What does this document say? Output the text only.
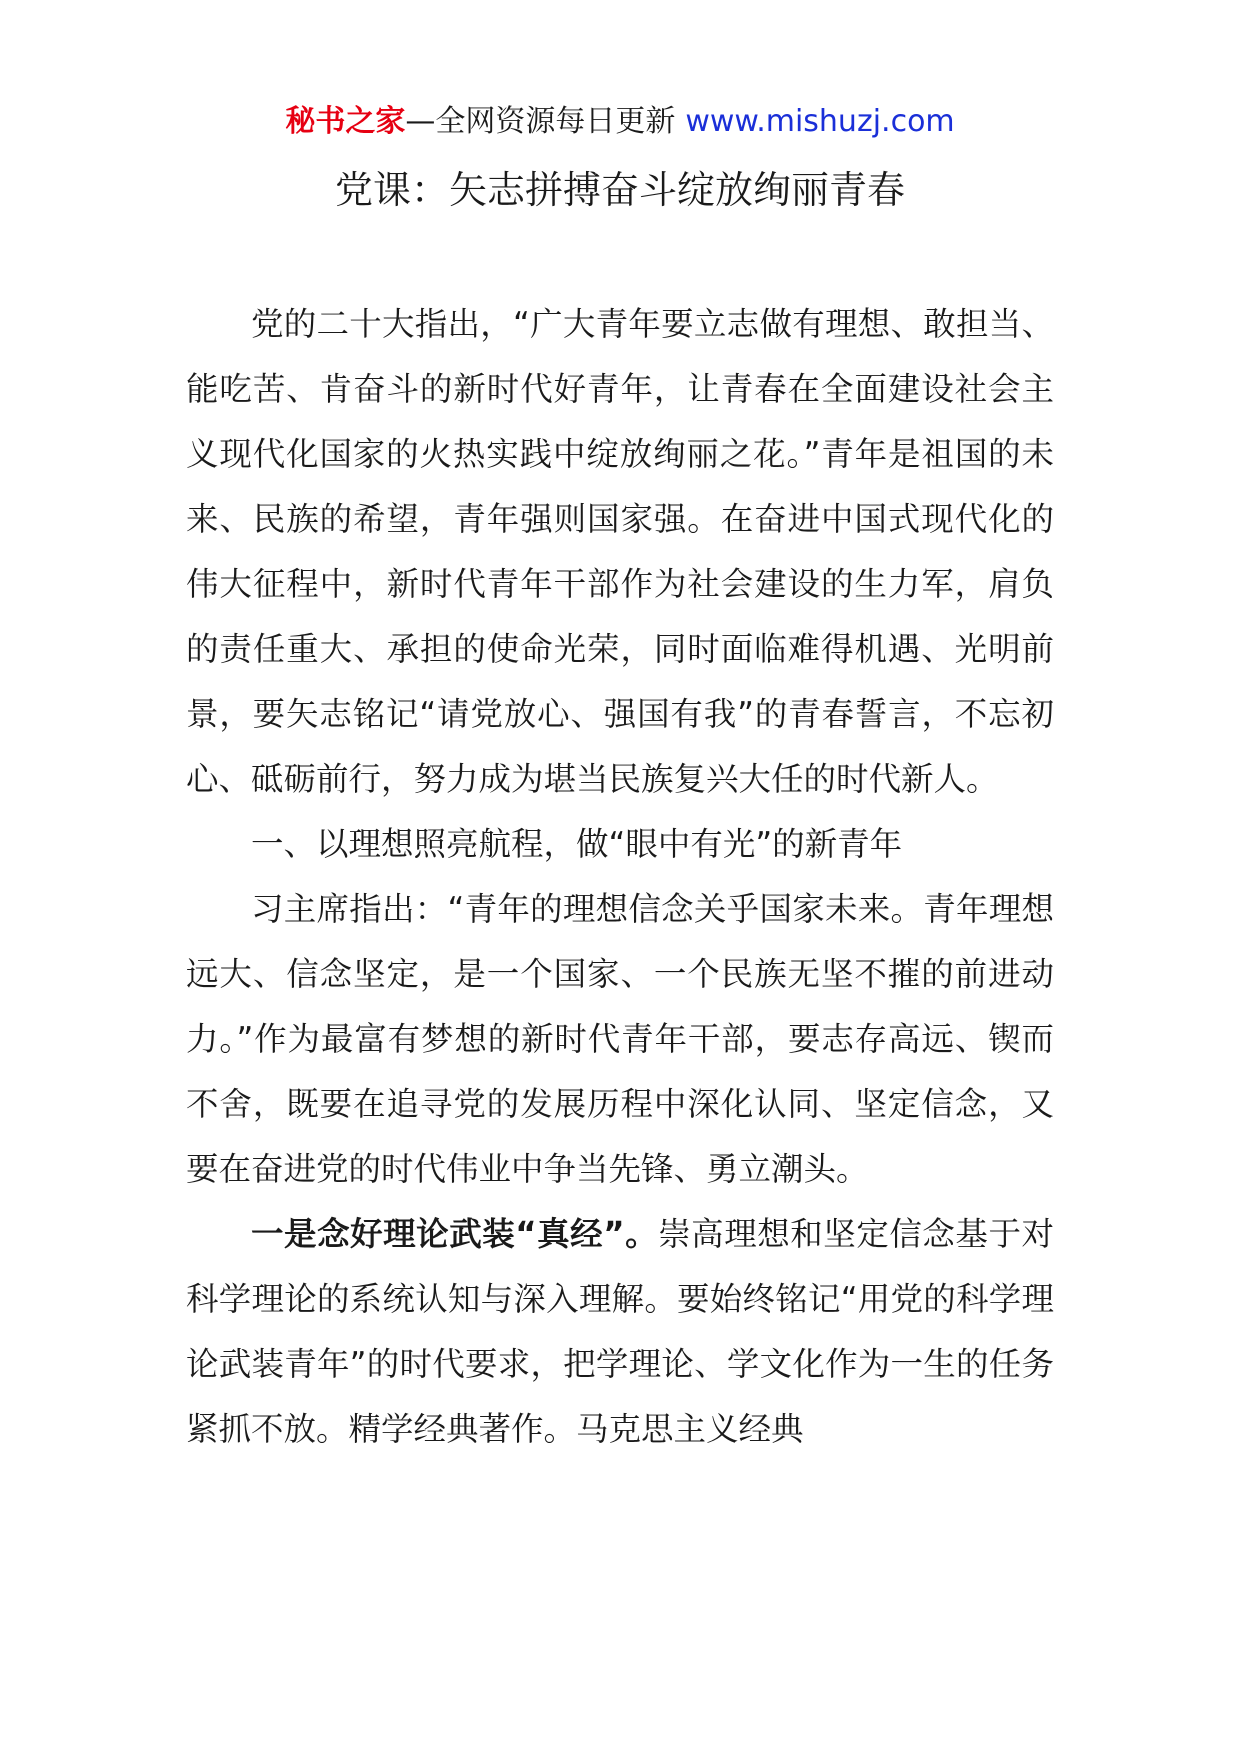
秘书之家—全网资源每日更新 www.mishuzj.com
党课：矢志拼搏奋斗绽放绚丽青春

党的二十大指出，“广大青年要立志做有理想、敢担当、能吃苦、肯奋斗的新时代好青年，让青春在全面建设社会主义现代化国家的火热实践中绽放绚丽之花。”青年是祖国的未来、民族的希望，青年强则国家强。在奋进中国式现代化的伟大征程中，新时代青年干部作为社会建设的生力军，肩负的责任重大、承担的使命光荣，同时面临难得机遇、光明前景，要矢志铭记“请党放心、强国有我”的青春誓言，不忘初心、砥砺前行，努力成为堪当民族复兴大任的时代新人。

一、以理想照亮航程，做“眼中有光”的新青年

习主席指出：“青年的理想信念关乎国家未来。青年理想远大、信念坚定，是一个国家、一个民族无坚不摧的前进动力。”作为最富有梦想的新时代青年干部，要志存高远、锲而不舍，既要在追寻党的发展历程中深化认同、坚定信念，又要在奋进党的时代伟业中争当先锋、勇立潮头。

一是念好理论武装“真经”。崇高理想和坚定信念基于对科学理论的系统认知与深入理解。要始终铭记“用党的科学理论武装青年”的时代要求，把学理论、学文化作为一生的任务紧抓不放。精学经典著作。马克思主义经典
